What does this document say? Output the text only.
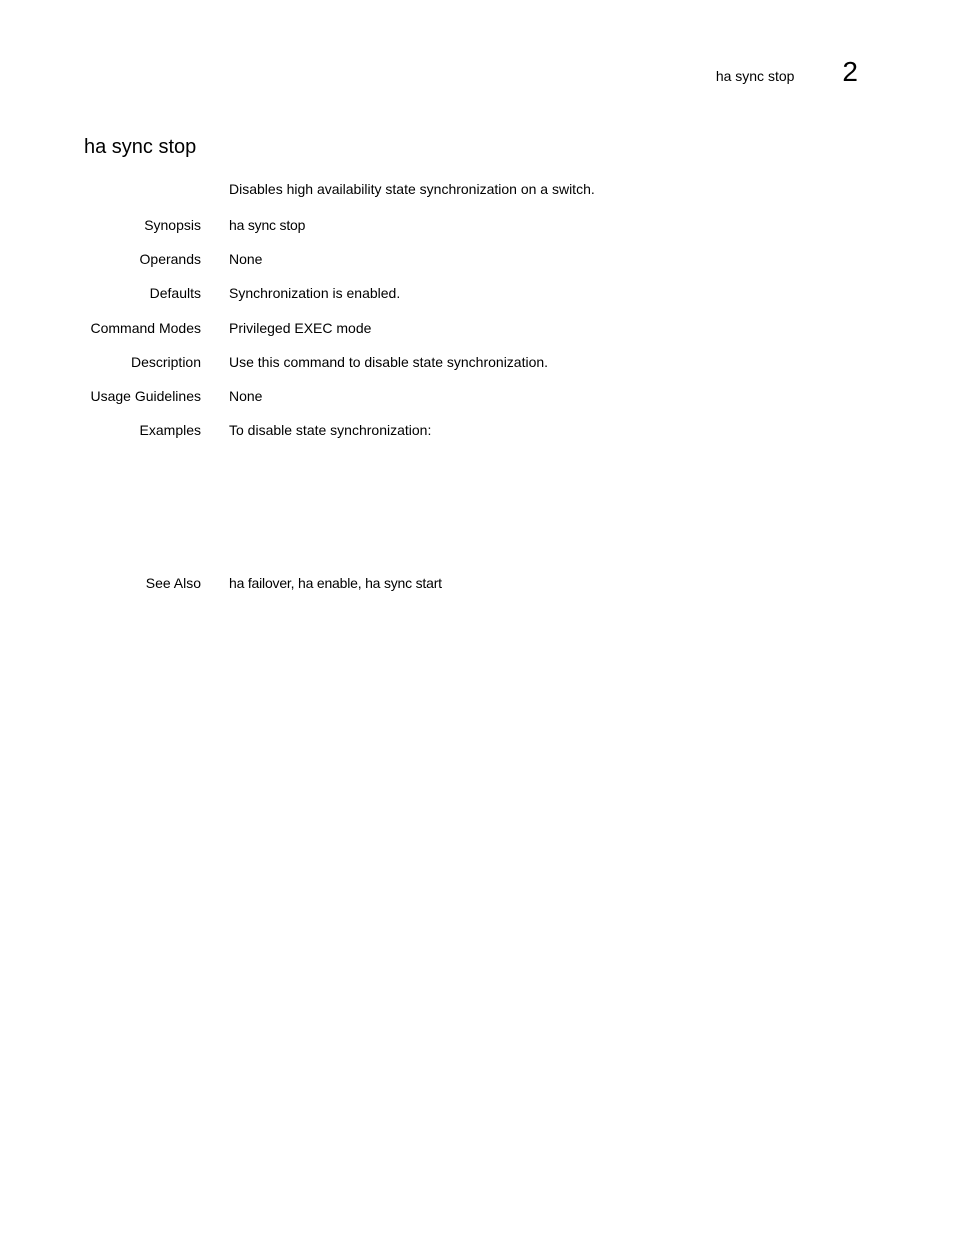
ha sync stop 2
ha sync stop
Disables high availability state synchronization on a switch.
Synopsis ha sync stop
Operands None
Defaults Synchronization is enabled.
Command Modes Privileged EXEC mode
Description Use this command to disable state synchronization.
Usage Guidelines None
Examples To disable state synchronization:
See Also ha failover, ha enable, ha sync start
